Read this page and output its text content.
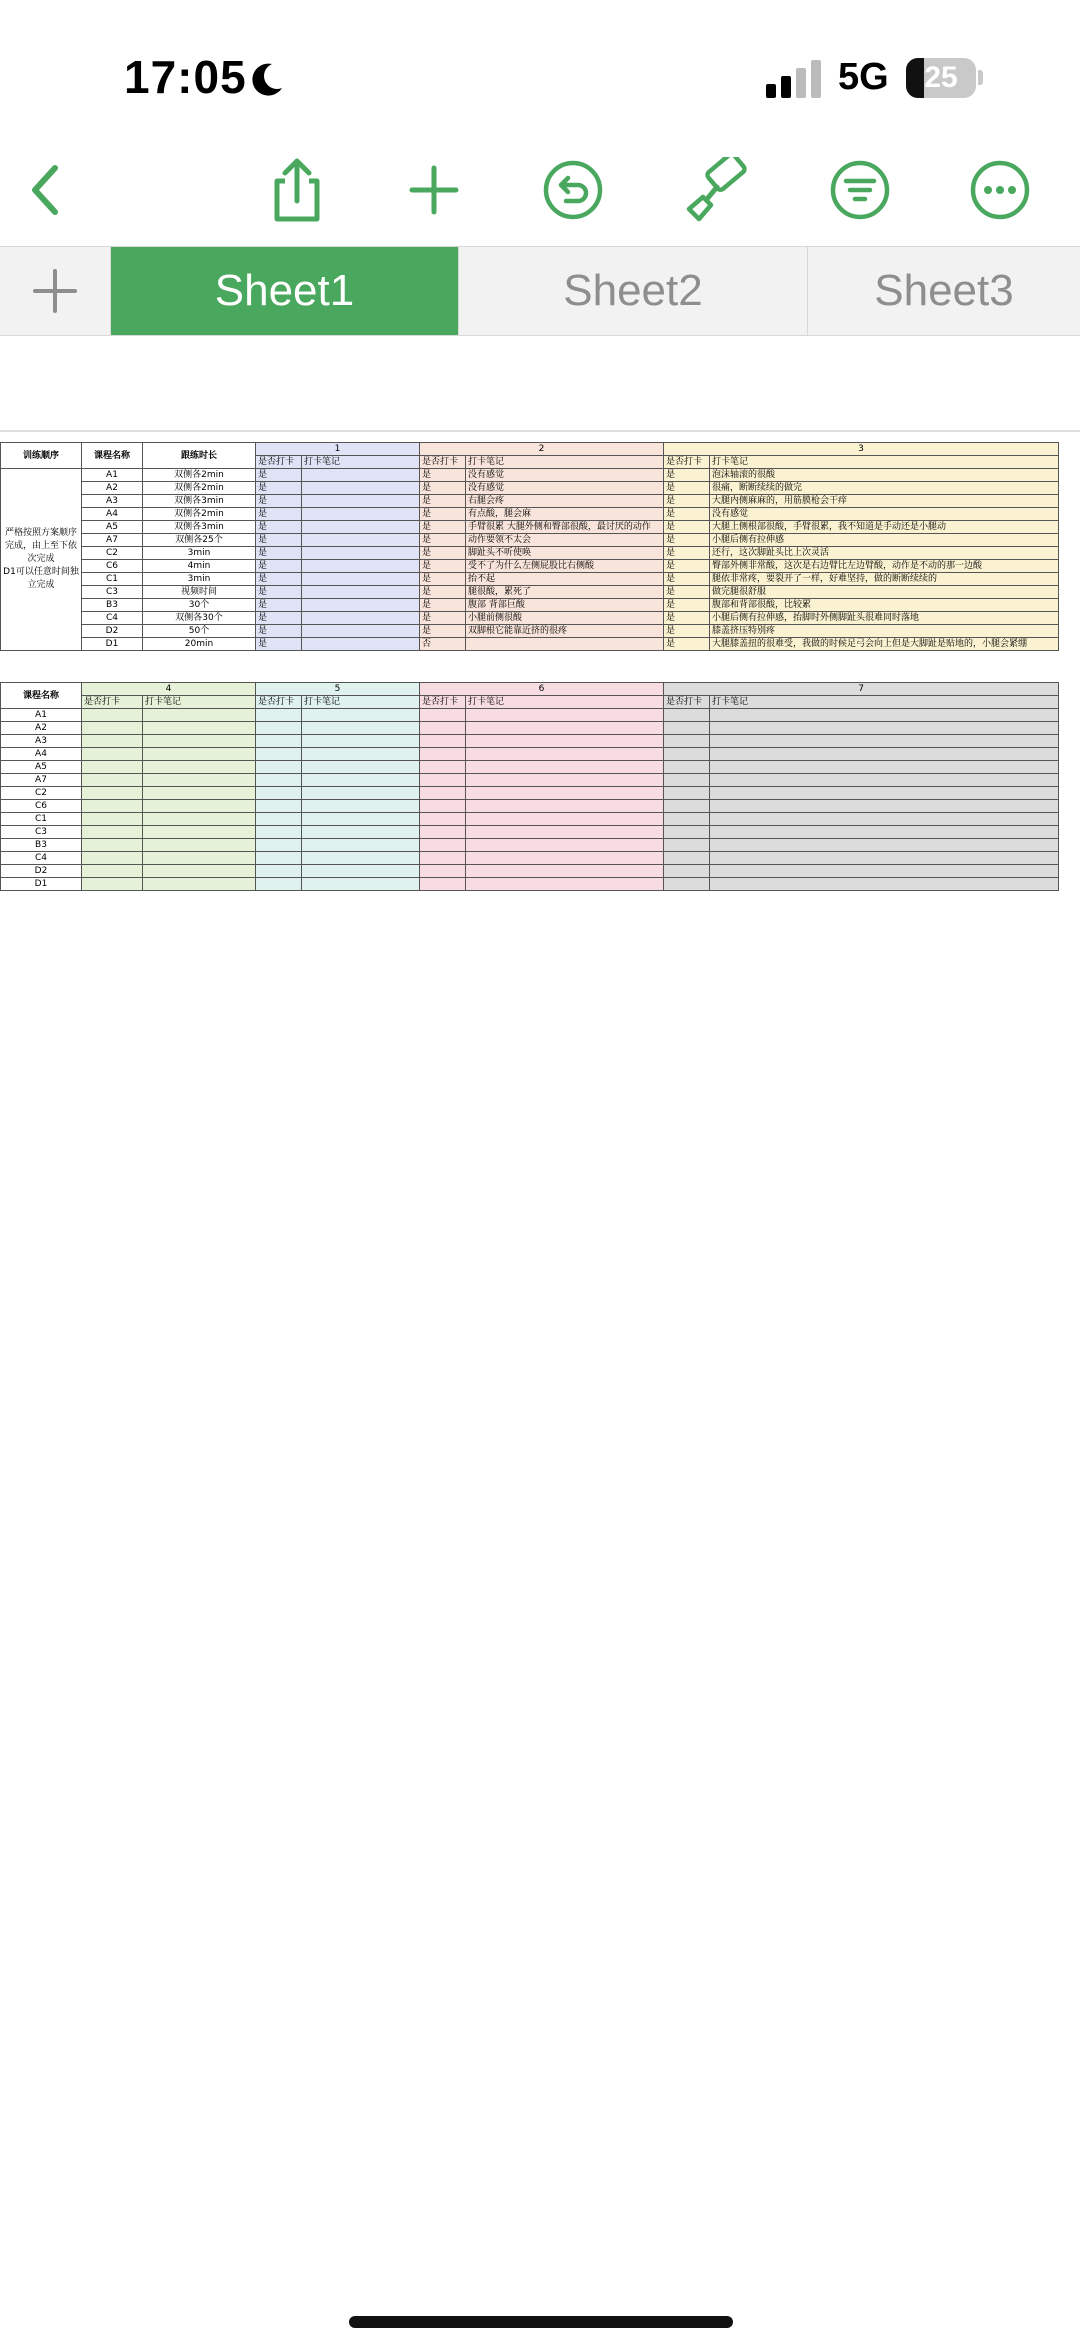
17:05	5G	25
Sheet1	Sheet2	Sheet3
训练顺序	课程名称	跟练时长	1		2		3	
			是否打卡	打卡笔记	是否打卡	打卡笔记	是否打卡	打卡笔记
严格按照方案顺序完成，由上至下依次完成
D1可以任意时间独立完成	A1	双侧各2min	是		是	没有感觉	是	泡沫轴滚的很酸
	A2	双侧各2min	是		是	没有感觉	是	很痛，断断续续的做完
	A3	双侧各3min	是		是	右腿会疼	是	大腿内侧麻麻的，用筋膜枪会干痒
	A4	双侧各2min	是		是	有点酸，腿会麻	是	没有感觉
	A5	双侧各3min	是		是	手臂很累 大腿外侧和臀部很酸，最讨厌的动作	是	大腿上侧根部很酸，手臂很累，我不知道是手动还是小腿动
	A7	双侧各25个	是		是	动作要领不太会	是	小腿后侧有拉伸感
	C2	3min	是		是	脚趾头不听使唤	是	还行，这次脚趾头比上次灵活
	C6	4min	是		是	受不了为什么左侧屁股比右侧酸	是	臀部外侧非常酸，这次是右边臂比左边臂酸，动作是不动的那一边酸
	C1	3min	是		是	抬不起	是	腿依非常疼，要裂开了一样，好难坚持，做的断断续续的
	C3	视频时间	是		是	腿很酸，累死了	是	做完腿很舒服
	B3	30个	是		是	腹部 背部巨酸	是	腹部和背部很酸，比较累
	C4	双侧各30个	是		是	小腿前侧很酸	是	小腿后侧有拉伸感，抬脚时外侧脚趾头很难同时落地
	D2	50个	是		是	双脚根它能靠近挤的很疼	是	膝盖挤压特别疼
	D1	20min	是		否		是	大腿膝盖扭的很难受，我做的时候足弓会向上但是大脚趾是贴地的，小腿会紧绷
课程名称	4		5		6		7	
	是否打卡	打卡笔记	是否打卡	打卡笔记	是否打卡	打卡笔记	是否打卡	打卡笔记
A1								
A2								
A3								
A4								
A5								
A7								
C2								
C6								
C1								
C3								
B3								
C4								
D2								
D1								
